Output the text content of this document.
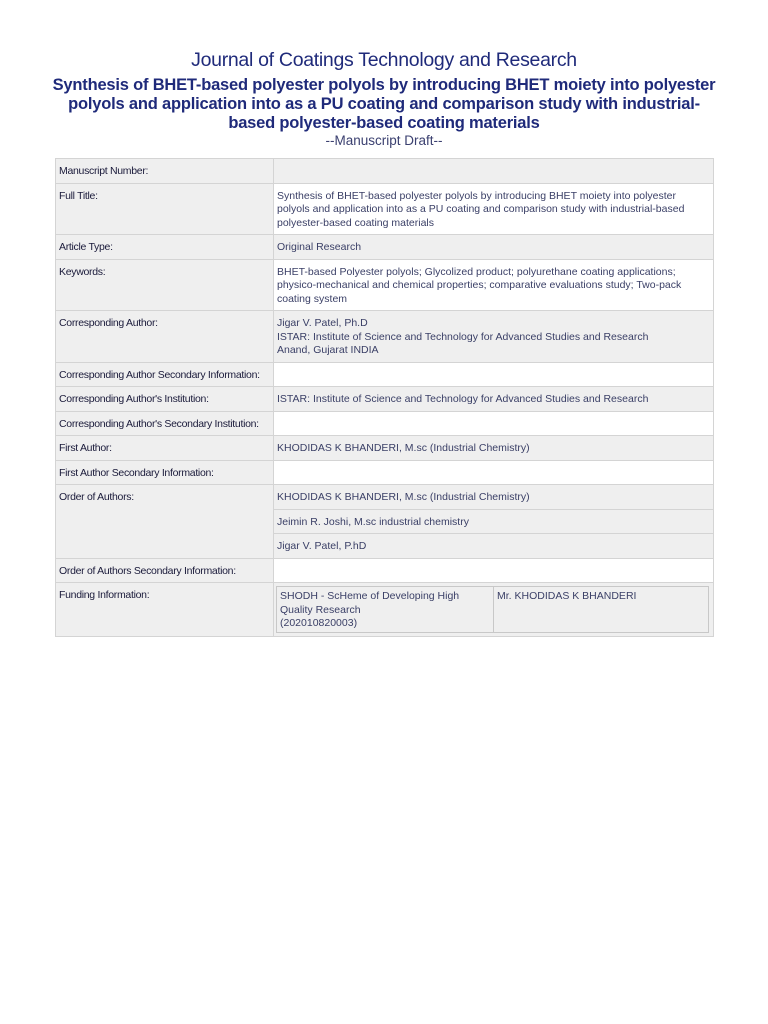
Journal of Coatings Technology and Research

Synthesis of BHET-based polyester polyols by introducing BHET moiety into polyester polyols and application into as a PU coating and comparison study with industrial-based polyester-based coating materials

--Manuscript Draft--

Manuscript Number:	
Full Title:	Synthesis of BHET-based polyester polyols by introducing BHET moiety into polyester polyols and application into as a PU coating and comparison study with industrial-based polyester-based coating materials
Article Type:	Original Research
Keywords:	BHET-based Polyester polyols; Glycolized product; polyurethane coating applications; physico-mechanical and chemical properties; comparative evaluations study; Two-pack coating system
Corresponding Author:	Jigar V. Patel, Ph.D
ISTAR: Institute of Science and Technology for Advanced Studies and Research
Anand, Gujarat INDIA

Corresponding Author Secondary Information:	
Corresponding Author's Institution:	ISTAR: Institute of Science and Technology for Advanced Studies and Research
Corresponding Author's Secondary Institution:	
First Author:	KHODIDAS K BHANDERI, M.sc (Industrial Chemistry)
First Author Secondary Information:	
Order of Authors:	KHODIDAS K BHANDERI, M.sc (Industrial Chemistry)
Jeimin R. Joshi, M.sc industrial chemistry
Jigar V. Patel, P.hD
Order of Authors Secondary Information:	
Funding Information:		SHODH - ScHeme of Developing High Quality Research
(202010820003)
	Mr. KHODIDAS K BHANDERI
